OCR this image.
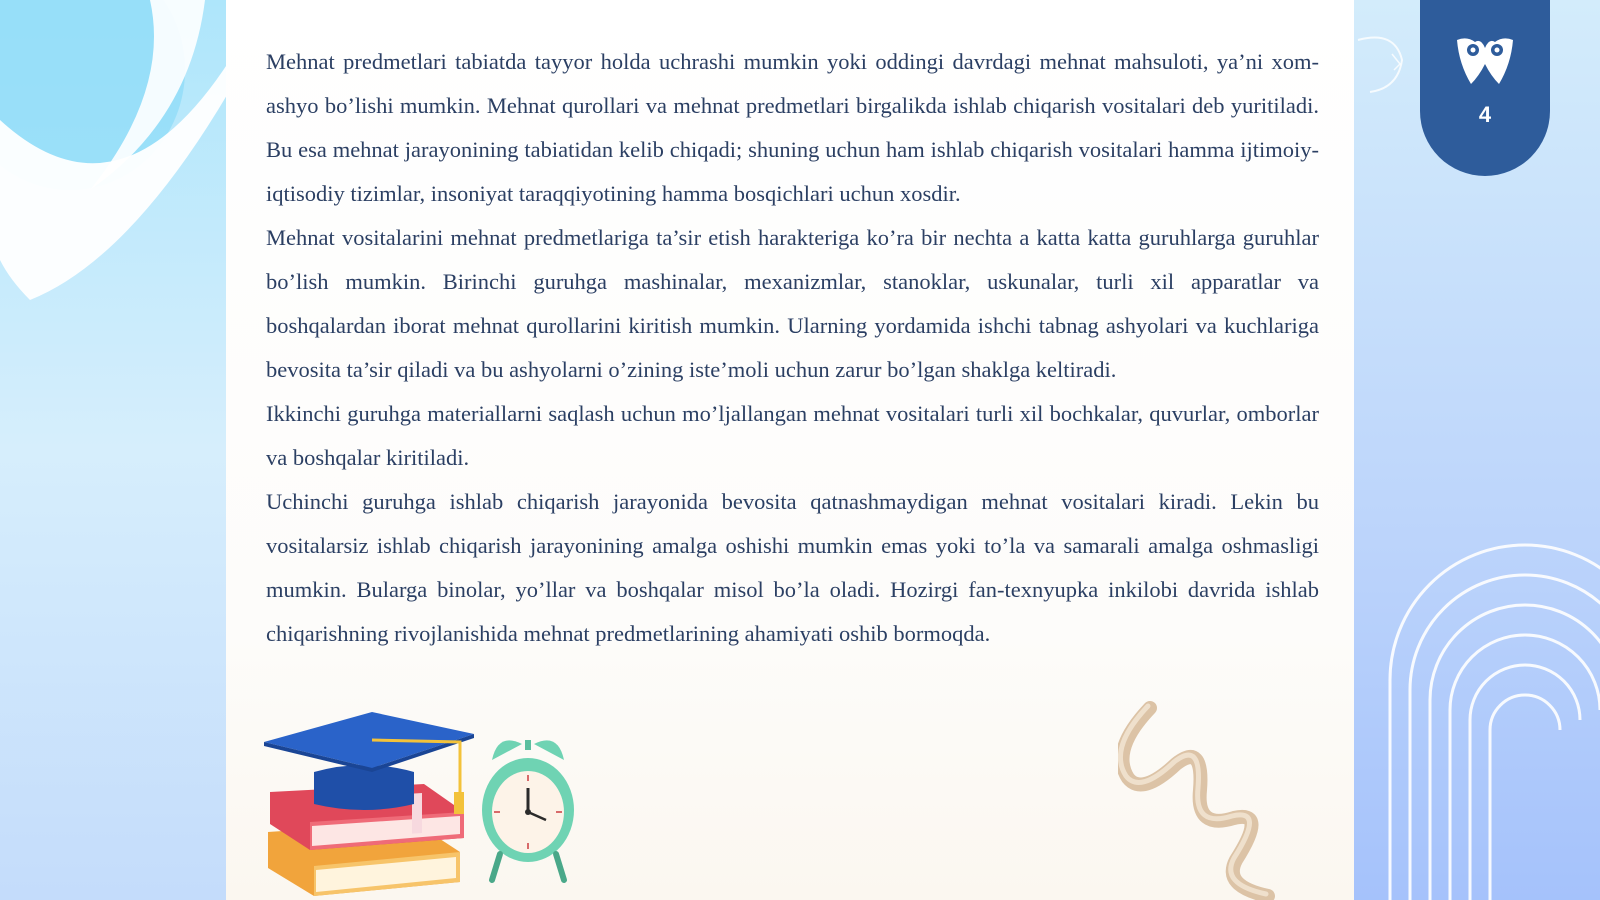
Mehnat predmetlari tabiatda tayyor holda uchrashi mumkin yoki oddingi davrdagi mehnat mahsuloti, ya’ni xom-ashyo bo’lishi mumkin. Mehnat qurollari va mehnat predmetlari birgalikda ishlab chiqarish vositalari deb yuritiladi. Bu esa mehnat jarayonining tabiatidan kelib chiqadi; shuning uchun ham ishlab chiqarish vositalari hamma ijtimoiy-iqtisodiy tizimlar, insoniyat taraqqiyotining hamma bosqichlari uchun xosdir.

Mehnat vositalarini mehnat predmetlariga ta’sir etish harakteriga ko’ra bir nechta a katta katta guruhlarga guruhlar bo’lish mumkin. Birinchi guruhga mashinalar, mexanizmlar, stanoklar, uskunalar, turli xil apparatlar va boshqalardan iborat mehnat qurollarini kiritish mumkin. Ularning yordamida ishchi tabnag ashyolari va kuchlariga bevosita ta’sir qiladi va bu ashyolarni o’zining iste’moli uchun zarur bo’lgan shaklga keltiradi.

Ikkinchi guruhga materiallarni saqlash uchun mo’ljallangan mehnat vositalari turli xil bochkalar, quvurlar, omborlar va boshqalar kiritiladi.

Uchinchi guruhga ishlab chiqarish jarayonida bevosita qatnashmaydigan mehnat vositalari kiradi. Lekin bu vositalarsiz ishlab chiqarish jarayonining amalga oshishi mumkin emas yoki to’la va samarali amalga oshmasligi mumkin. Bularga binolar, yo’llar va boshqalar misol bo’la oladi. Hozirgi fan-texnyupka inkilobi davrida ishlab chiqarishning rivojlanishida mehnat predmetlarining ahamiyati oshib bormoqda.

4
